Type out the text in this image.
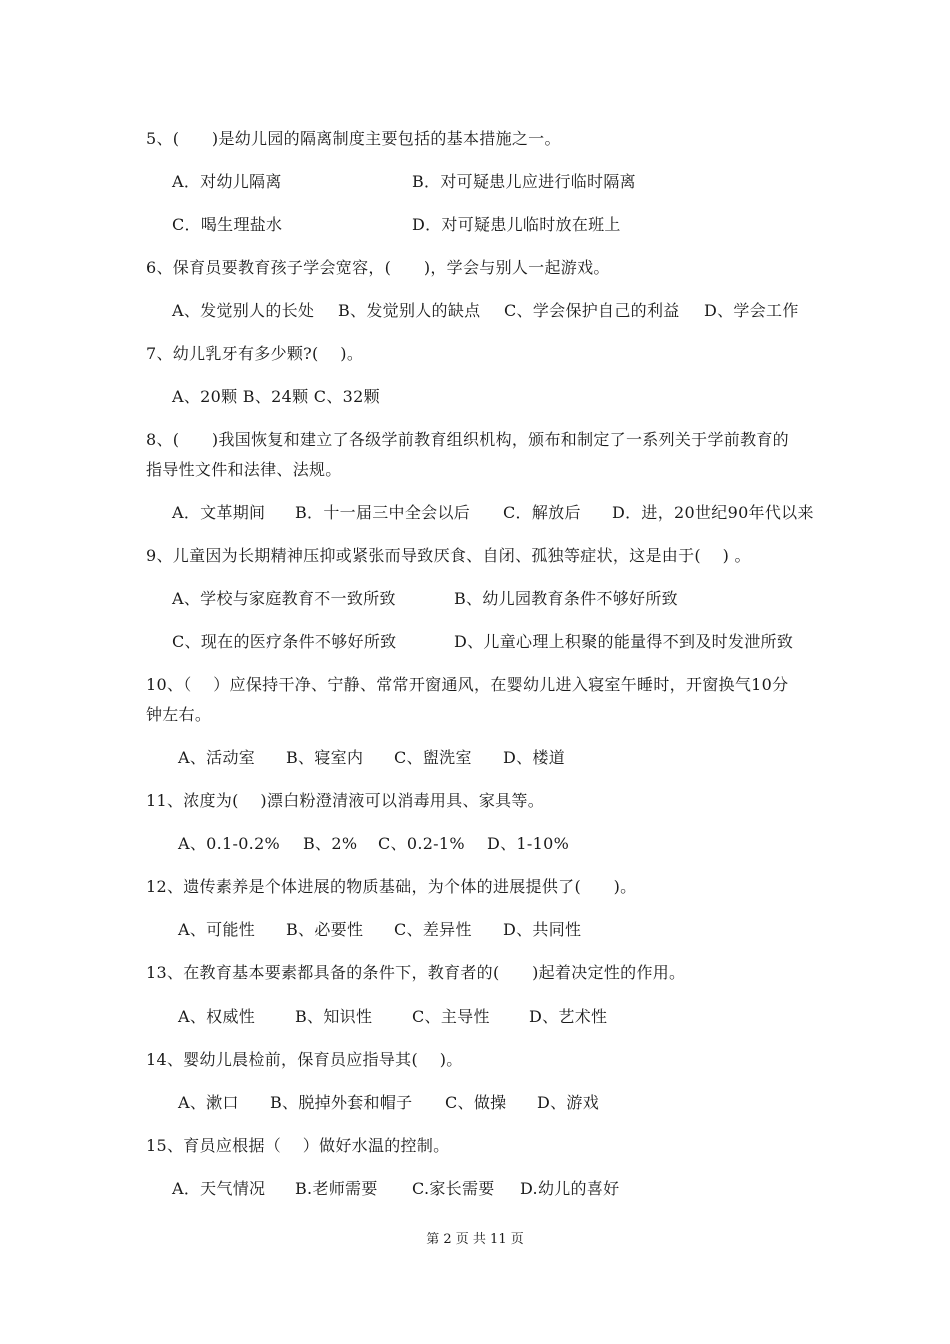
5、(　　)是幼儿园的隔离制度主要包括的基本措施之一。
A．对幼儿隔离	B．对可疑患儿应进行临时隔离
C．喝生理盐水	D．对可疑患儿临时放在班上
6、保育员要教育孩子学会宽容，(　　)，学会与别人一起游戏。
A、发觉别人的长处 B、发觉别人的缺点 C、学会保护自己的利益 D、学会工作
7、幼儿乳牙有多少颗?(　 )。
A、20颗 B、24颗 C、32颗
8、(　　)我国恢复和建立了各级学前教育组织机构，颁布和制定了一系列关于学前教育的
指导性文件和法律、法规。
A．文革期间 B．十一届三中全会以后 C．解放后 D．进，20世纪90年代以来
9、儿童因为长期精神压抑或紧张而导致厌食、自闭、孤独等症状，这是由于(　 ) 。
A、学校与家庭教育不一致所致	B、幼儿园教育条件不够好所致
C、现在的医疗条件不够好所致	D、儿童心理上积聚的能量得不到及时发泄所致
10、（　 ）应保持干净、宁静、常常开窗通风，在婴幼儿进入寝室午睡时，开窗换气10分
钟左右。
A、活动室 B、寝室内 C、盥洗室 D、楼道
11、浓度为(　 )漂白粉澄清液可以消毒用具、家具等。
A、0.1-0.2% B、2% C、0.2-1% D、1-10%
12、遗传素养是个体进展的物质基础，为个体的进展提供了(　　)。
A、可能性 B、必要性 C、差异性 D、共同性
13、在教育基本要素都具备的条件下，教育者的(　　)起着决定性的作用。
A、权威性 B、知识性 C、主导性 D、艺术性
14、婴幼儿晨检前，保育员应指导其(　 )。
A、漱口 B、脱掉外套和帽子 C、做操 D、游戏
15、育员应根据（　 ）做好水温的控制。
A．天气情况 B.老师需要 C.家长需要 D.幼儿的喜好
第 2 页 共 11 页
